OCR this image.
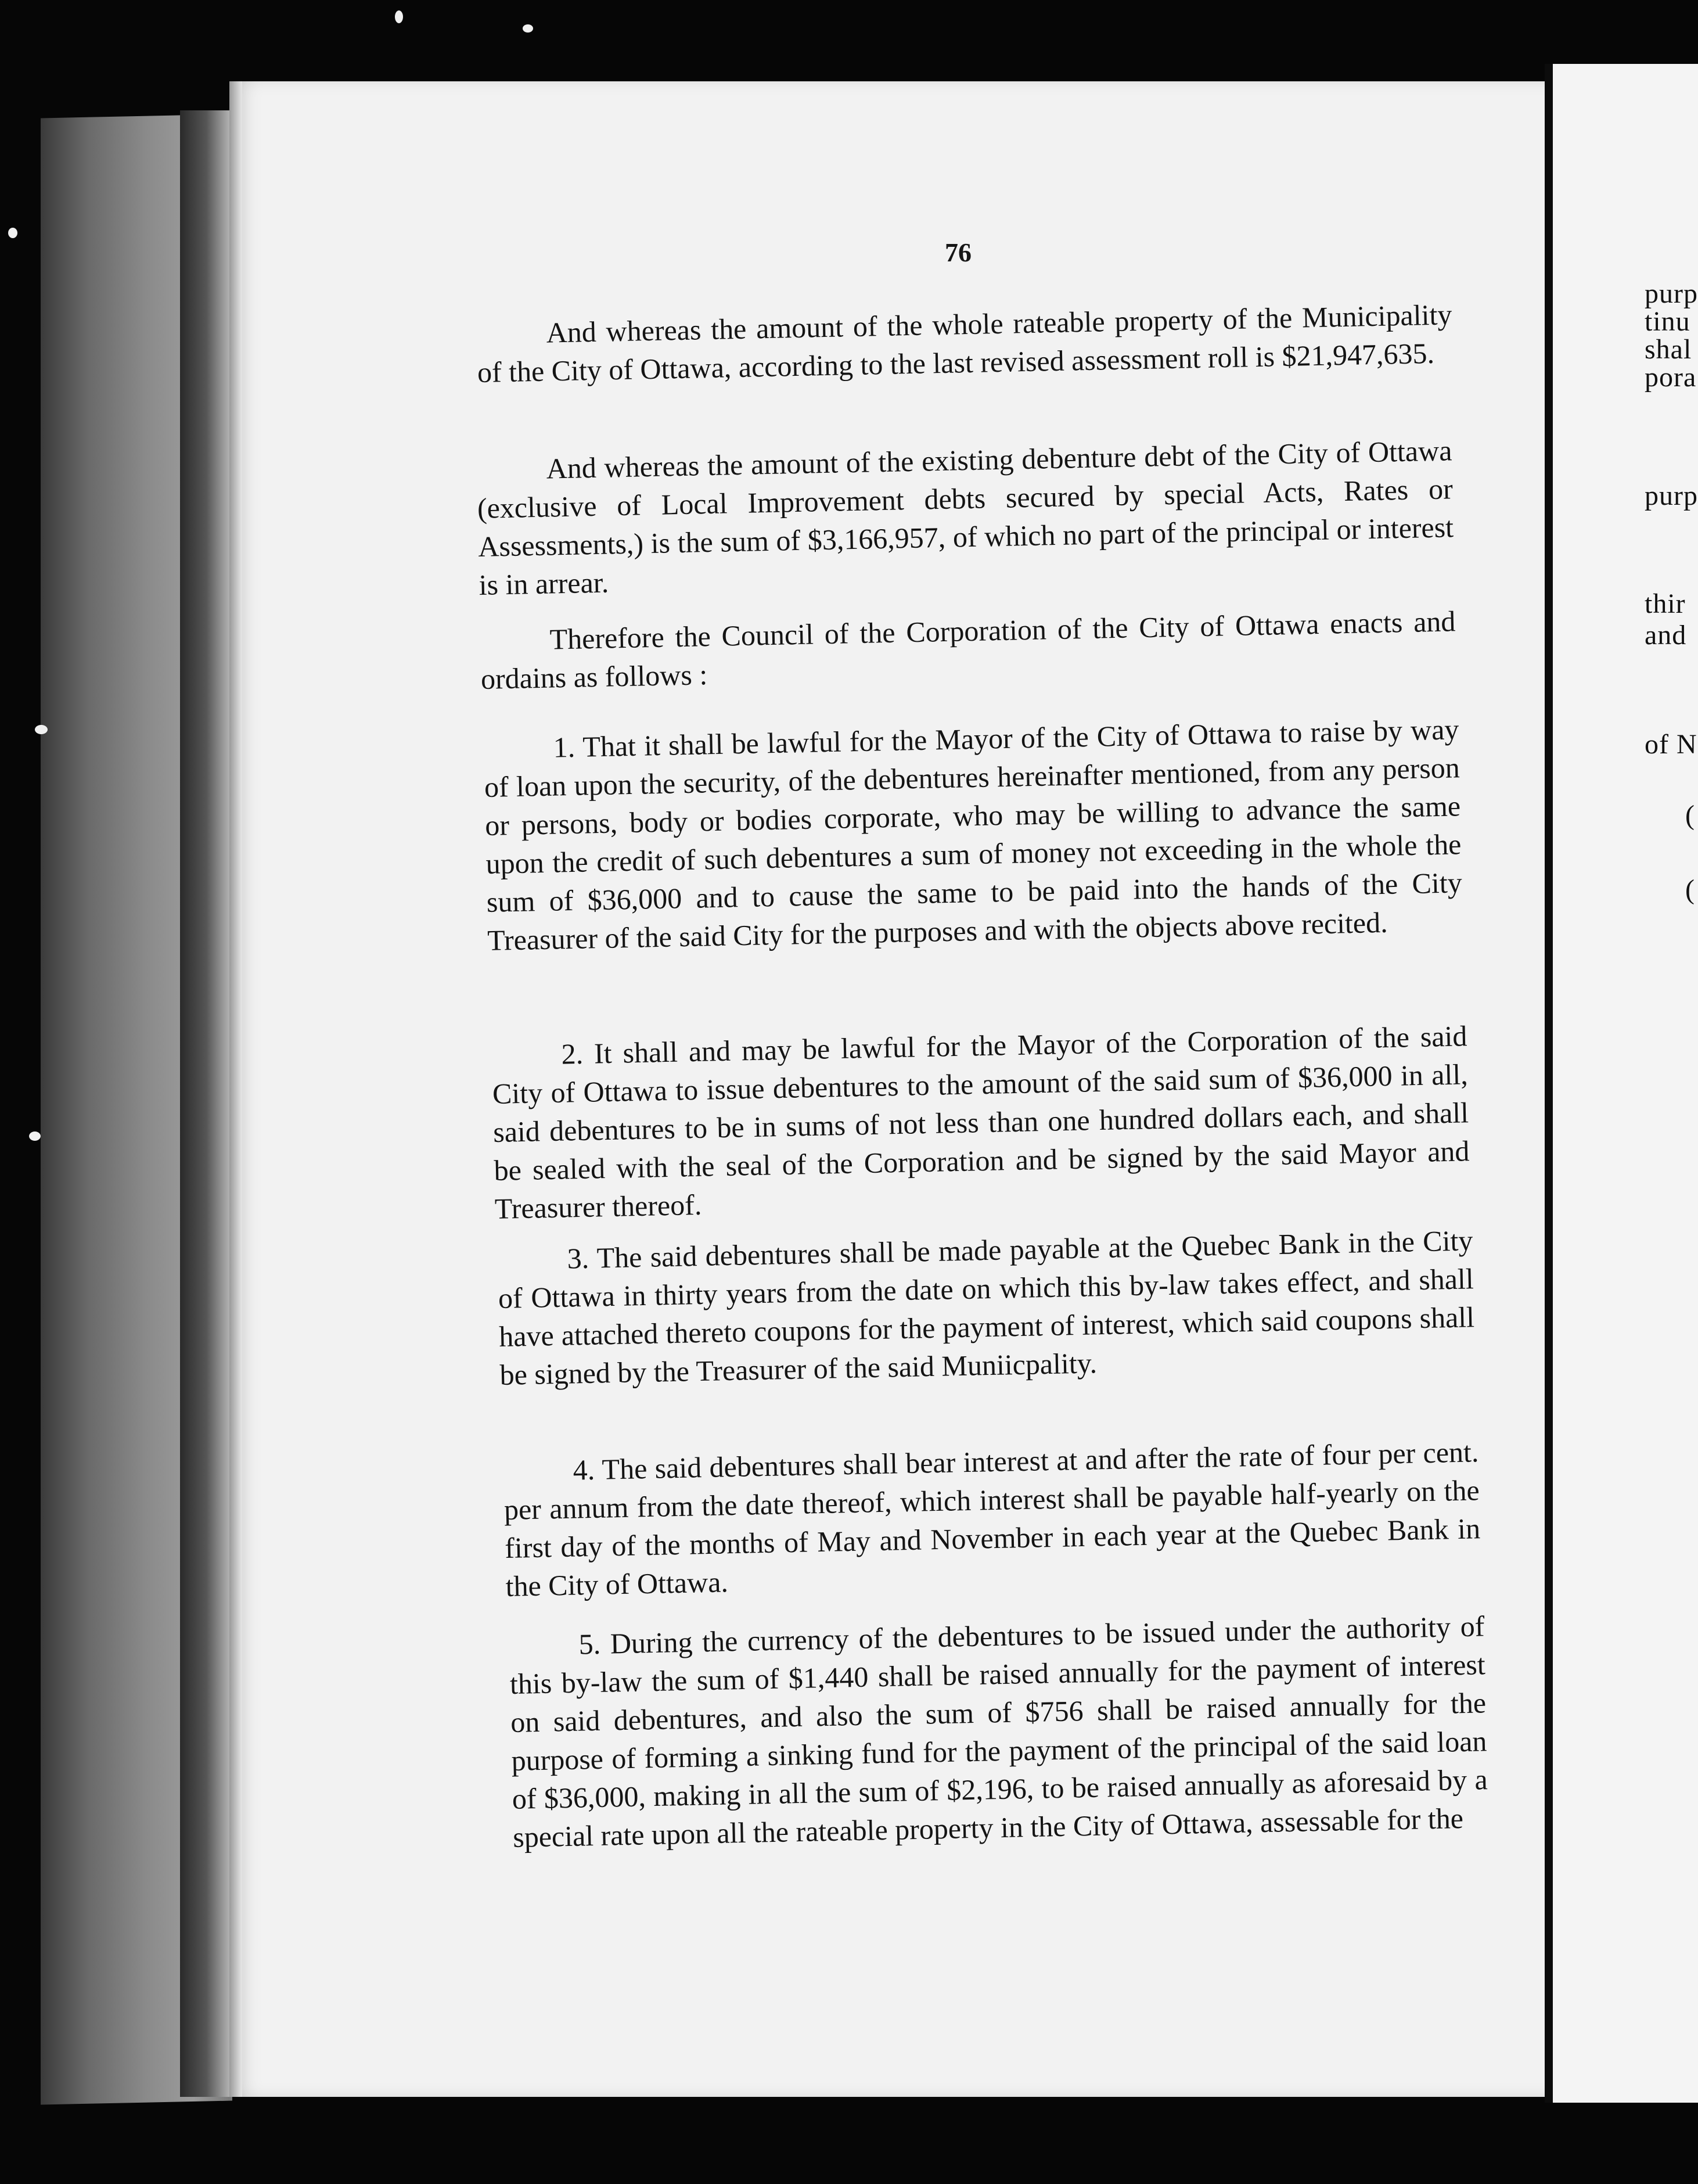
purp
tinu
shal
pora
purp
thir
and
of N
(
(
76

And whereas the amount of the whole rateable property of the Municipality of the City of Ottawa, according to the last revised assessment roll is $21,947,635.

And whereas the amount of the existing debenture debt of the City of Ottawa (exclusive of Local Improvement debts secured by special Acts, Rates or Assessments,) is the sum of $3,166,957, of which no part of the principal or interest is in arrear.

Therefore the Council of the Corporation of the City of Ottawa enacts and ordains as follows :

1. That it shall be lawful for the Mayor of the City of Ottawa to raise by way of loan upon the security, of the debentures hereinafter mentioned, from any person or persons, body or bodies corporate, who may be willing to advance the same upon the credit of such debentures a sum of money not exceeding in the whole the sum of $36,000 and to cause the same to be paid into the hands of the City Treasurer of the said City for the purposes and with the objects above recited.

2. It shall and may be lawful for the Mayor of the Corporation of the said City of Ottawa to issue debentures to the amount of the said sum of $36,000 in all, said debentures to be in sums of not less than one hundred dollars each, and shall be sealed with the seal of the Corporation and be signed by the said Mayor and Treasurer thereof.

3. The said debentures shall be made payable at the Quebec Bank in the City of Ottawa in thirty years from the date on which this by-law takes effect, and shall have attached thereto coupons for the payment of interest, which said coupons shall be signed by the Treasurer of the said Muniicpality.

4. The said debentures shall bear interest at and after the rate of four per cent. per annum from the date thereof, which interest shall be payable half-yearly on the first day of the months of May and November in each year at the Quebec Bank in the City of Ottawa.

5. During the currency of the debentures to be issued under the authority of this by-law the sum of $1,440 shall be raised annually for the payment of interest on said debentures, and also the sum of $756 shall be raised annually for the purpose of forming a sinking fund for the payment of the principal of the said loan of $36,000, making in all the sum of $2,196, to be raised annually as aforesaid by a special rate upon all the rateable property in the City of Ottawa, assessable for the
